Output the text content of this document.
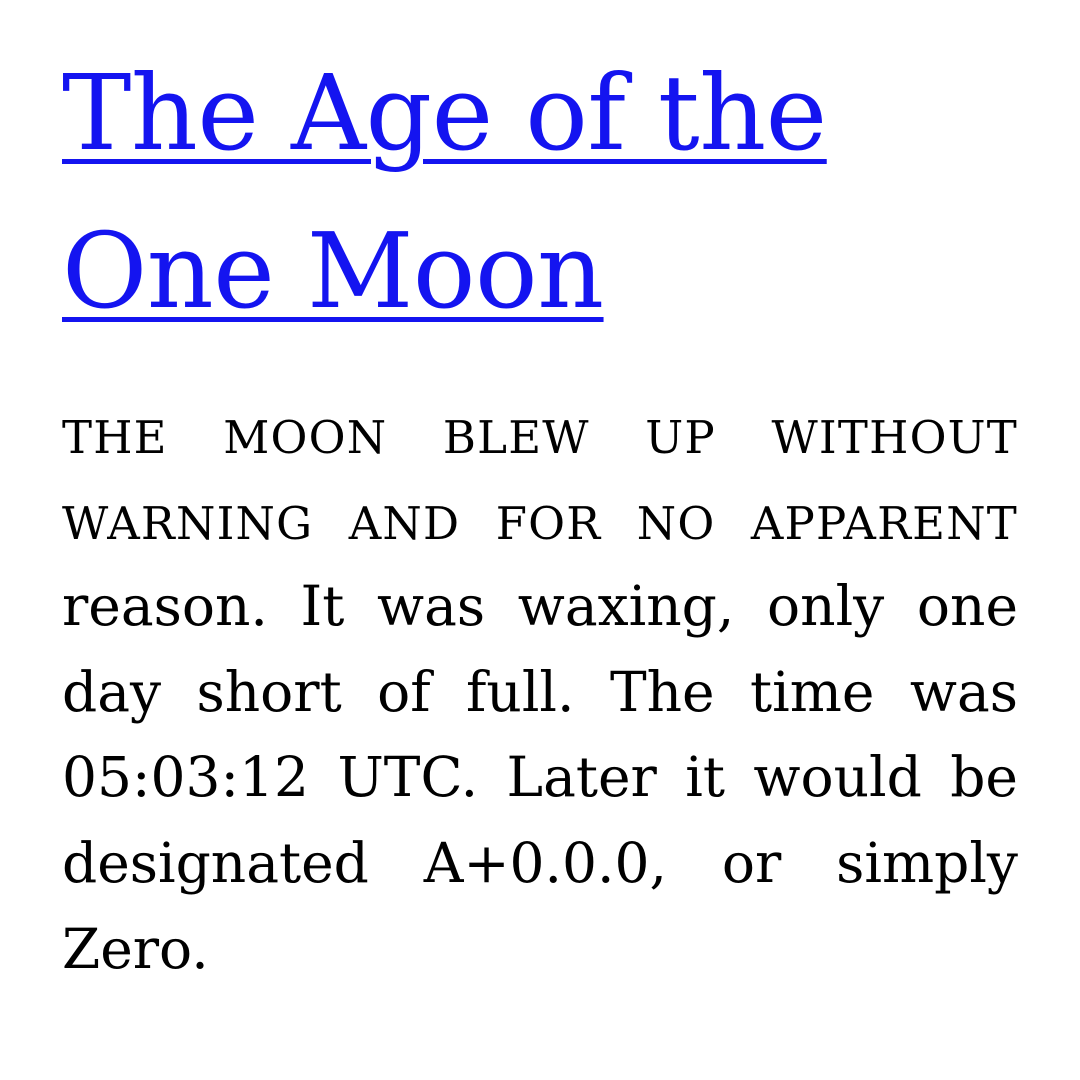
The Age of the One Moon

THE MOON BLEW UP WITHOUT WARNING AND FOR NO APPARENT reason. It was waxing, only one day short of full. The time was 05:03:12 UTC. Later it would be designated A+0.0.0, or simply Zero.
